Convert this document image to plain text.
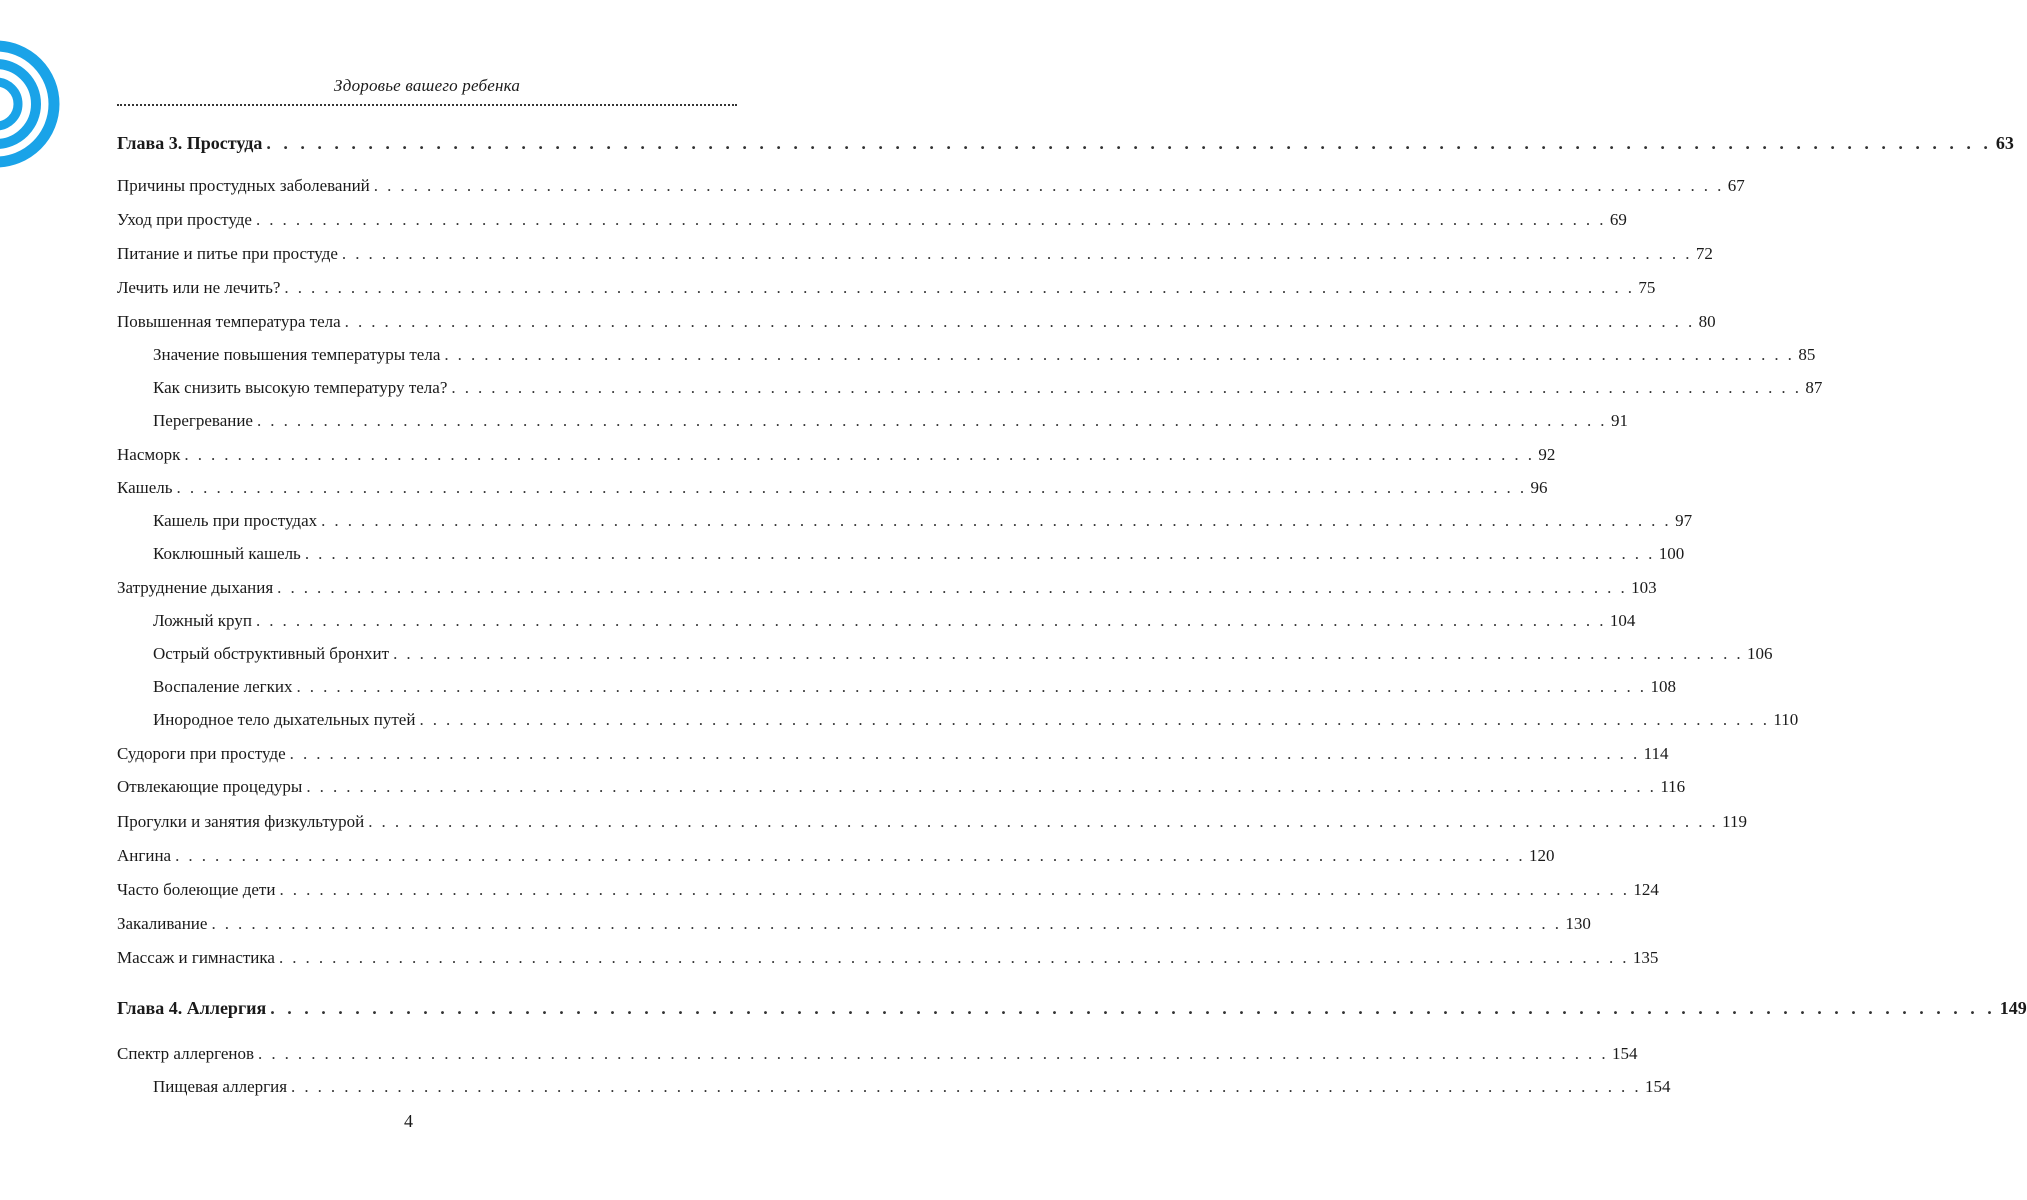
Здоровье вашего ребенка
Глава 3. Простуда . . . . . . . . . . . . . . . . . . . . . . . . . . . . . . . . . . . . . . . . . . . . . . . . . . . . . . . . . . . . . . . . . . . . . . . . . . . . . . . . . . . . . . . . . . . . . . . . . . . . . . 63
Причины простудных заболеваний . . . . . . . . . . . . . . . . . . . . . . . . . . . . . . . . . . . . . . . . . . . . . . . . . . . . . . . . . . . . . . . . . . . . . . . . . . . . . . . . . . . . . . . . . . . . . . . . . . . . . . 67
Уход при простуде . . . . . . . . . . . . . . . . . . . . . . . . . . . . . . . . . . . . . . . . . . . . . . . . . . . . . . . . . . . . . . . . . . . . . . . . . . . . . . . . . . . . . . . . . . . . . . . . . . . . . . 69
Питание и питье при простуде . . . . . . . . . . . . . . . . . . . . . . . . . . . . . . . . . . . . . . . . . . . . . . . . . . . . . . . . . . . . . . . . . . . . . . . . . . . . . . . . . . . . . . . . . . . . . . . . . . . . . . 72
Лечить или не лечить? . . . . . . . . . . . . . . . . . . . . . . . . . . . . . . . . . . . . . . . . . . . . . . . . . . . . . . . . . . . . . . . . . . . . . . . . . . . . . . . . . . . . . . . . . . . . . . . . . . . . . . 75
Повышенная температура тела . . . . . . . . . . . . . . . . . . . . . . . . . . . . . . . . . . . . . . . . . . . . . . . . . . . . . . . . . . . . . . . . . . . . . . . . . . . . . . . . . . . . . . . . . . . . . . . . . . . . . . 80
Значение повышения температуры тела . . . . . . . . . . . . . . . . . . . . . . . . . . . . . . . . . . . . . . . . . . . . . . . . . . . . . . . . . . . . . . . . . . . . . . . . . . . . . . . . . . . . . . . . . . . . . . . . . . . . . . 85
Как снизить высокую температуру тела? . . . . . . . . . . . . . . . . . . . . . . . . . . . . . . . . . . . . . . . . . . . . . . . . . . . . . . . . . . . . . . . . . . . . . . . . . . . . . . . . . . . . . . . . . . . . . . . . . . . . . . 87
Перегревание . . . . . . . . . . . . . . . . . . . . . . . . . . . . . . . . . . . . . . . . . . . . . . . . . . . . . . . . . . . . . . . . . . . . . . . . . . . . . . . . . . . . . . . . . . . . . . . . . . . . . . 91
Насморк . . . . . . . . . . . . . . . . . . . . . . . . . . . . . . . . . . . . . . . . . . . . . . . . . . . . . . . . . . . . . . . . . . . . . . . . . . . . . . . . . . . . . . . . . . . . . . . . . . . . . . 92
Кашель . . . . . . . . . . . . . . . . . . . . . . . . . . . . . . . . . . . . . . . . . . . . . . . . . . . . . . . . . . . . . . . . . . . . . . . . . . . . . . . . . . . . . . . . . . . . . . . . . . . . . . 96
Кашель при простудах . . . . . . . . . . . . . . . . . . . . . . . . . . . . . . . . . . . . . . . . . . . . . . . . . . . . . . . . . . . . . . . . . . . . . . . . . . . . . . . . . . . . . . . . . . . . . . . . . . . . . . 97
Коклюшный кашель . . . . . . . . . . . . . . . . . . . . . . . . . . . . . . . . . . . . . . . . . . . . . . . . . . . . . . . . . . . . . . . . . . . . . . . . . . . . . . . . . . . . . . . . . . . . . . . . . . . . . . 100
Затруднение дыхания . . . . . . . . . . . . . . . . . . . . . . . . . . . . . . . . . . . . . . . . . . . . . . . . . . . . . . . . . . . . . . . . . . . . . . . . . . . . . . . . . . . . . . . . . . . . . . . . . . . . . . 103
Ложный круп . . . . . . . . . . . . . . . . . . . . . . . . . . . . . . . . . . . . . . . . . . . . . . . . . . . . . . . . . . . . . . . . . . . . . . . . . . . . . . . . . . . . . . . . . . . . . . . . . . . . . . 104
Острый обструктивный бронхит . . . . . . . . . . . . . . . . . . . . . . . . . . . . . . . . . . . . . . . . . . . . . . . . . . . . . . . . . . . . . . . . . . . . . . . . . . . . . . . . . . . . . . . . . . . . . . . . . . . . . . 106
Воспаление легких . . . . . . . . . . . . . . . . . . . . . . . . . . . . . . . . . . . . . . . . . . . . . . . . . . . . . . . . . . . . . . . . . . . . . . . . . . . . . . . . . . . . . . . . . . . . . . . . . . . . . . 108
Инородное тело дыхательных путей . . . . . . . . . . . . . . . . . . . . . . . . . . . . . . . . . . . . . . . . . . . . . . . . . . . . . . . . . . . . . . . . . . . . . . . . . . . . . . . . . . . . . . . . . . . . . . . . . . . . . . 110
Судороги при простуде . . . . . . . . . . . . . . . . . . . . . . . . . . . . . . . . . . . . . . . . . . . . . . . . . . . . . . . . . . . . . . . . . . . . . . . . . . . . . . . . . . . . . . . . . . . . . . . . . . . . . . 114
Отвлекающие процедуры . . . . . . . . . . . . . . . . . . . . . . . . . . . . . . . . . . . . . . . . . . . . . . . . . . . . . . . . . . . . . . . . . . . . . . . . . . . . . . . . . . . . . . . . . . . . . . . . . . . . . . 116
Прогулки и занятия физкультурой . . . . . . . . . . . . . . . . . . . . . . . . . . . . . . . . . . . . . . . . . . . . . . . . . . . . . . . . . . . . . . . . . . . . . . . . . . . . . . . . . . . . . . . . . . . . . . . . . . . . . . 119
Ангина . . . . . . . . . . . . . . . . . . . . . . . . . . . . . . . . . . . . . . . . . . . . . . . . . . . . . . . . . . . . . . . . . . . . . . . . . . . . . . . . . . . . . . . . . . . . . . . . . . . . . . 120
Часто болеющие дети . . . . . . . . . . . . . . . . . . . . . . . . . . . . . . . . . . . . . . . . . . . . . . . . . . . . . . . . . . . . . . . . . . . . . . . . . . . . . . . . . . . . . . . . . . . . . . . . . . . . . . 124
Закаливание . . . . . . . . . . . . . . . . . . . . . . . . . . . . . . . . . . . . . . . . . . . . . . . . . . . . . . . . . . . . . . . . . . . . . . . . . . . . . . . . . . . . . . . . . . . . . . . . . . . . . . 130
Массаж и гимнастика . . . . . . . . . . . . . . . . . . . . . . . . . . . . . . . . . . . . . . . . . . . . . . . . . . . . . . . . . . . . . . . . . . . . . . . . . . . . . . . . . . . . . . . . . . . . . . . . . . . . . . 135
Глава 4. Аллергия . . . . . . . . . . . . . . . . . . . . . . . . . . . . . . . . . . . . . . . . . . . . . . . . . . . . . . . . . . . . . . . . . . . . . . . . . . . . . . . . . . . . . . . . . . . . . . . . . . . . . . 149
Спектр аллергенов . . . . . . . . . . . . . . . . . . . . . . . . . . . . . . . . . . . . . . . . . . . . . . . . . . . . . . . . . . . . . . . . . . . . . . . . . . . . . . . . . . . . . . . . . . . . . . . . . . . . . . 154
Пищевая аллергия . . . . . . . . . . . . . . . . . . . . . . . . . . . . . . . . . . . . . . . . . . . . . . . . . . . . . . . . . . . . . . . . . . . . . . . . . . . . . . . . . . . . . . . . . . . . . . . . . . . . . . 154
4
